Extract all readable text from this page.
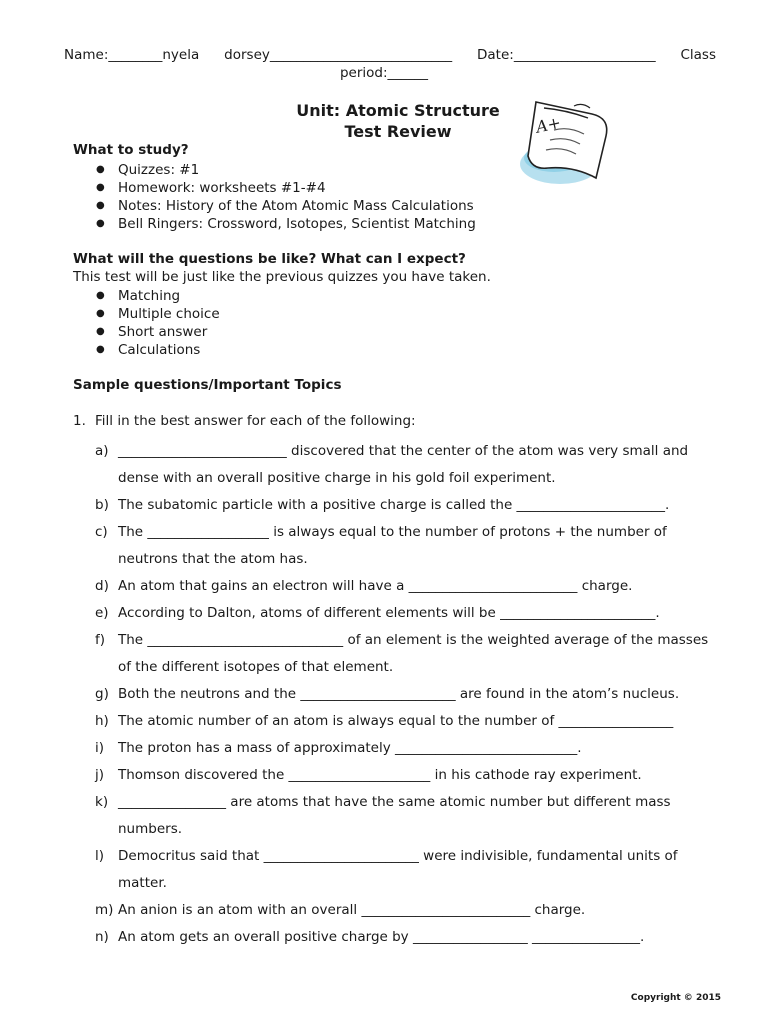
Name:________nyela dorsey___________________________ Date:_____________________ Class
period:______
Unit: Atomic Structure
Test Review	A+
What to study?
● Quizzes: #1
● Homework: worksheets #1-#4
● Notes: History of the Atom Atomic Mass Calculations
● Bell Ringers: Crossword, Isotopes, Scientist Matching
What will the questions be like? What can I expect?
This test will be just like the previous quizzes you have taken.
● Matching
● Multiple choice
● Short answer
● Calculations
Sample questions/Important Topics
1. Fill in the best answer for each of the following:
a) _________________________ discovered that the center of the atom was very small and dense with an overall positive charge in his gold foil experiment.
b) The subatomic particle with a positive charge is called the ______________________.
c) The __________________ is always equal to the number of protons + the number of neutrons that the atom has.
d) An atom that gains an electron will have a _________________________ charge.
e) According to Dalton, atoms of different elements will be _______________________.
f) The _____________________________ of an element is the weighted average of the masses of the different isotopes of that element.
g) Both the neutrons and the _______________________ are found in the atom’s nucleus.
h) The atomic number of an atom is always equal to the number of _________________
i) The proton has a mass of approximately ___________________________.
j) Thomson discovered the _____________________ in his cathode ray experiment.
k) ________________ are atoms that have the same atomic number but different mass numbers.
l) Democritus said that _______________________ were indivisible, fundamental units of matter.
m) An anion is an atom with an overall _________________________ charge.
n) An atom gets an overall positive charge by _________________ ________________.
Copyright © 2015
